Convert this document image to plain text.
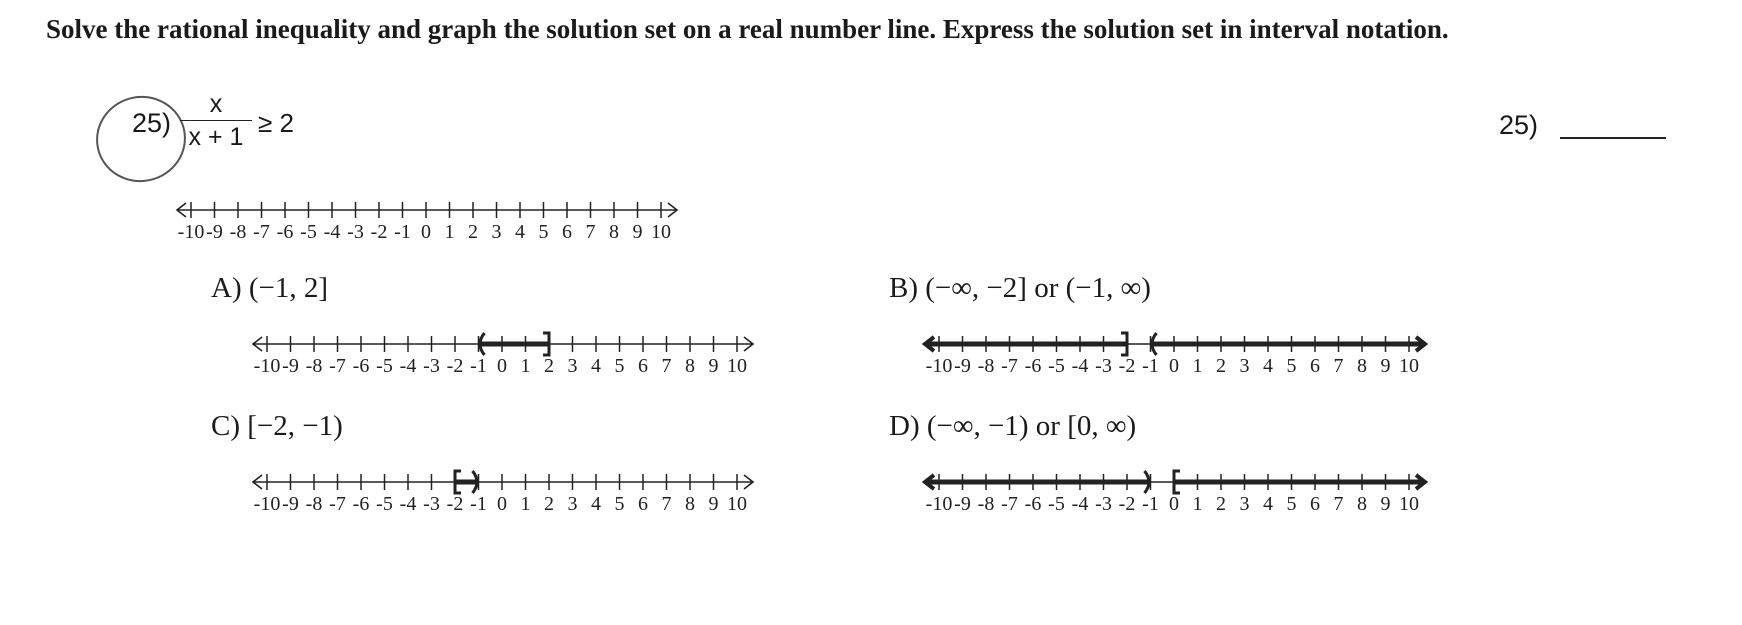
Solve the rational inequality and graph the solution set on a real number line. Express the solution set in interval notation.

25)
x
x + 1 ≥ 2	25)
-10 -9 -8 -7 -6 -5 -4 -3 -2 -1 0 1 2 3 4 5 6 7 8 9 10
A) (−1, 2]
-10 -9 -8 -7 -6 -5 -4 -3 -2 -1 0 1 2 3 4 5 6 7 8 9 10
B) (−∞, −2] or (−1, ∞)
-10 -9 -8 -7 -6 -5 -4 -3 -2 -1 0 1 2 3 4 5 6 7 8 9 10
C) [−2, −1)
-10 -9 -8 -7 -6 -5 -4 -3 -2 -1 0 1 2 3 4 5 6 7 8 9 10
D) (−∞, −1) or [0, ∞)
-10 -9 -8 -7 -6 -5 -4 -3 -2 -1 0 1 2 3 4 5 6 7 8 9 10
